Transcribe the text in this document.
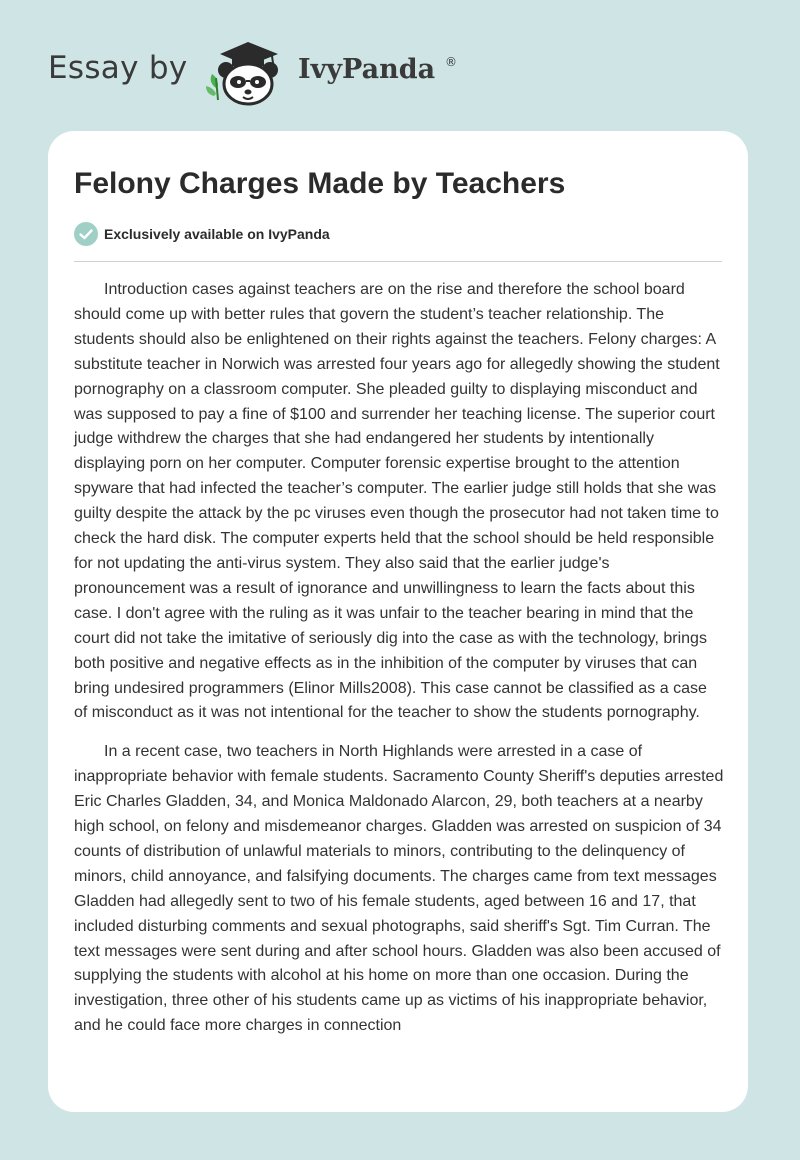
Essay by	IvyPanda ®
Felony Charges Made by Teachers
Exclusively available on IvyPanda

Introduction cases against teachers are on the rise and therefore the school board should come up with better rules that govern the student’s teacher relationship. The students should also be enlightened on their rights against the teachers. Felony charges: A substitute teacher in Norwich was arrested four years ago for allegedly showing the student pornography on a classroom computer. She pleaded guilty to displaying misconduct and was supposed to pay a fine of $100 and surrender her teaching license. The superior court judge withdrew the charges that she had endangered her students by intentionally displaying porn on her computer. Computer forensic expertise brought to the attention spyware that had infected the teacher’s computer. The earlier judge still holds that she was guilty despite the attack by the pc viruses even though the prosecutor had not taken time to check the hard disk. The computer experts held that the school should be held responsible for not updating the anti-virus system. They also said that the earlier judge's pronouncement was a result of ignorance and unwillingness to learn the facts about this case. I don't agree with the ruling as it was unfair to the teacher bearing in mind that the court did not take the imitative of seriously dig into the case as with the technology, brings both positive and negative effects as in the inhibition of the computer by viruses that can bring undesired programmers (Elinor Mills2008). This case cannot be classified as a case of misconduct as it was not intentional for the teacher to show the students pornography.

In a recent case, two teachers in North Highlands were arrested in a case of inappropriate behavior with female students. Sacramento County Sheriff's deputies arrested Eric Charles Gladden, 34, and Monica Maldonado Alarcon, 29, both teachers at a nearby high school, on felony and misdemeanor charges. Gladden was arrested on suspicion of 34 counts of distribution of unlawful materials to minors, contributing to the delinquency of minors, child annoyance, and falsifying documents. The charges came from text messages Gladden had allegedly sent to two of his female students, aged between 16 and 17, that included disturbing comments and sexual photographs, said sheriff's Sgt. Tim Curran. The text messages were sent during and after school hours. Gladden was also been accused of supplying the students with alcohol at his home on more than one occasion. During the investigation, three other of his students came up as victims of his inappropriate behavior, and he could face more charges in connection
